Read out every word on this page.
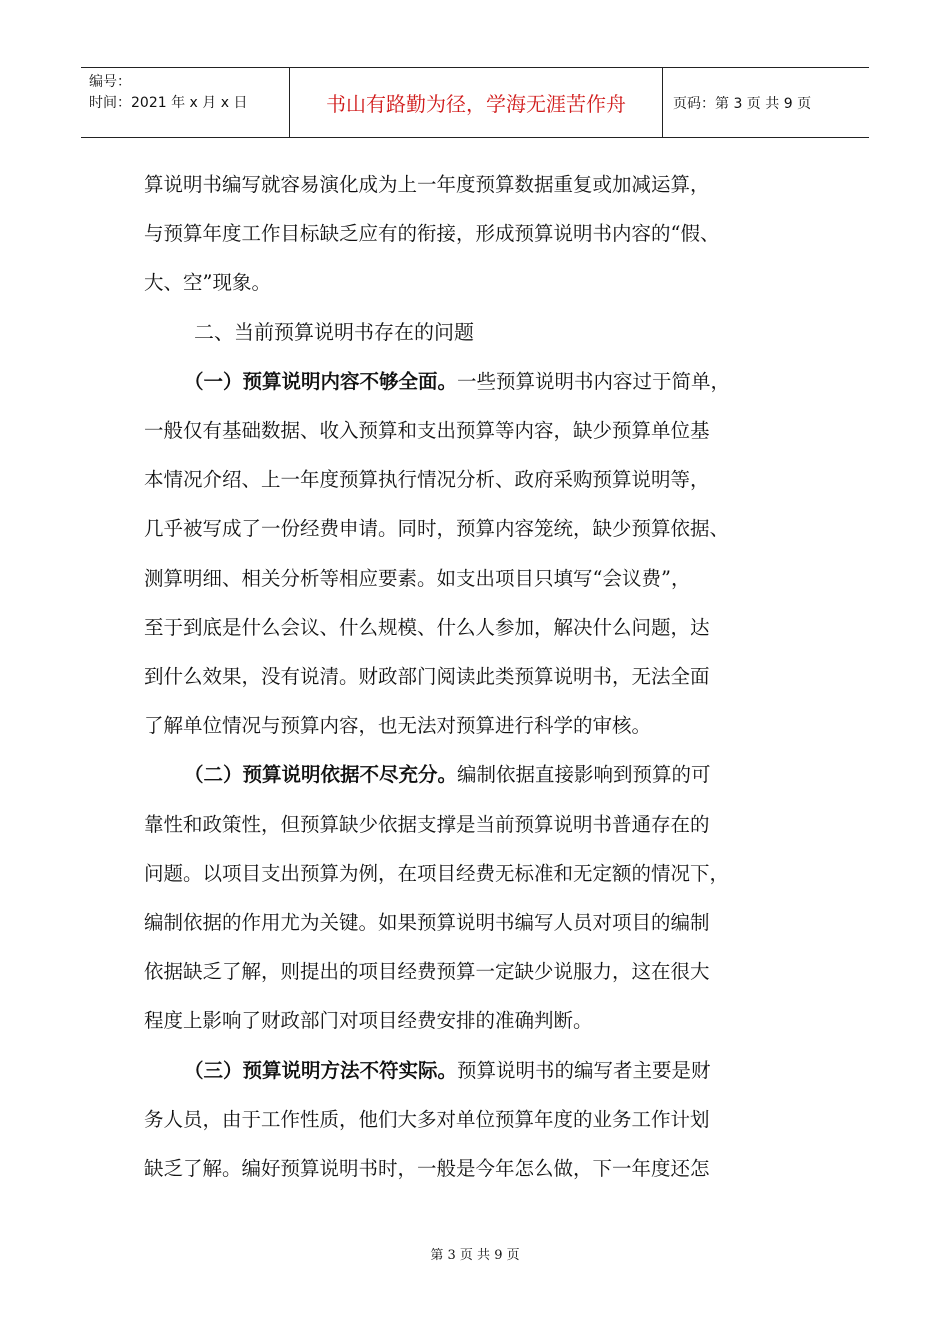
编号：
时间：2021 年 x 月 x 日	书山有路勤为径，学海无涯苦作舟	页码：第 3 页 共 9 页

算说明书编写就容易演化成为上一年度预算数据重复或加减运算，

与预算年度工作目标缺乏应有的衔接，形成预算说明书内容的“假、

大、空”现象。

二、当前预算说明书存在的问题

（一）预算说明内容不够全面。一些预算说明书内容过于简单，

一般仅有基础数据、收入预算和支出预算等内容，缺少预算单位基

本情况介绍、上一年度预算执行情况分析、政府采购预算说明等，

几乎被写成了一份经费申请。同时，预算内容笼统，缺少预算依据、

测算明细、相关分析等相应要素。如支出项目只填写“会议费”，

至于到底是什么会议、什么规模、什么人参加，解决什么问题，达

到什么效果，没有说清。财政部门阅读此类预算说明书，无法全面

了解单位情况与预算内容，也无法对预算进行科学的审核。

（二）预算说明依据不尽充分。编制依据直接影响到预算的可

靠性和政策性，但预算缺少依据支撑是当前预算说明书普通存在的

问题。以项目支出预算为例，在项目经费无标准和无定额的情况下，

编制依据的作用尤为关键。如果预算说明书编写人员对项目的编制

依据缺乏了解，则提出的项目经费预算一定缺少说服力，这在很大

程度上影响了财政部门对项目经费安排的准确判断。

（三）预算说明方法不符实际。预算说明书的编写者主要是财

务人员，由于工作性质，他们大多对单位预算年度的业务工作计划

缺乏了解。编好预算说明书时，一般是今年怎么做，下一年度还怎

第 3 页 共 9 页
